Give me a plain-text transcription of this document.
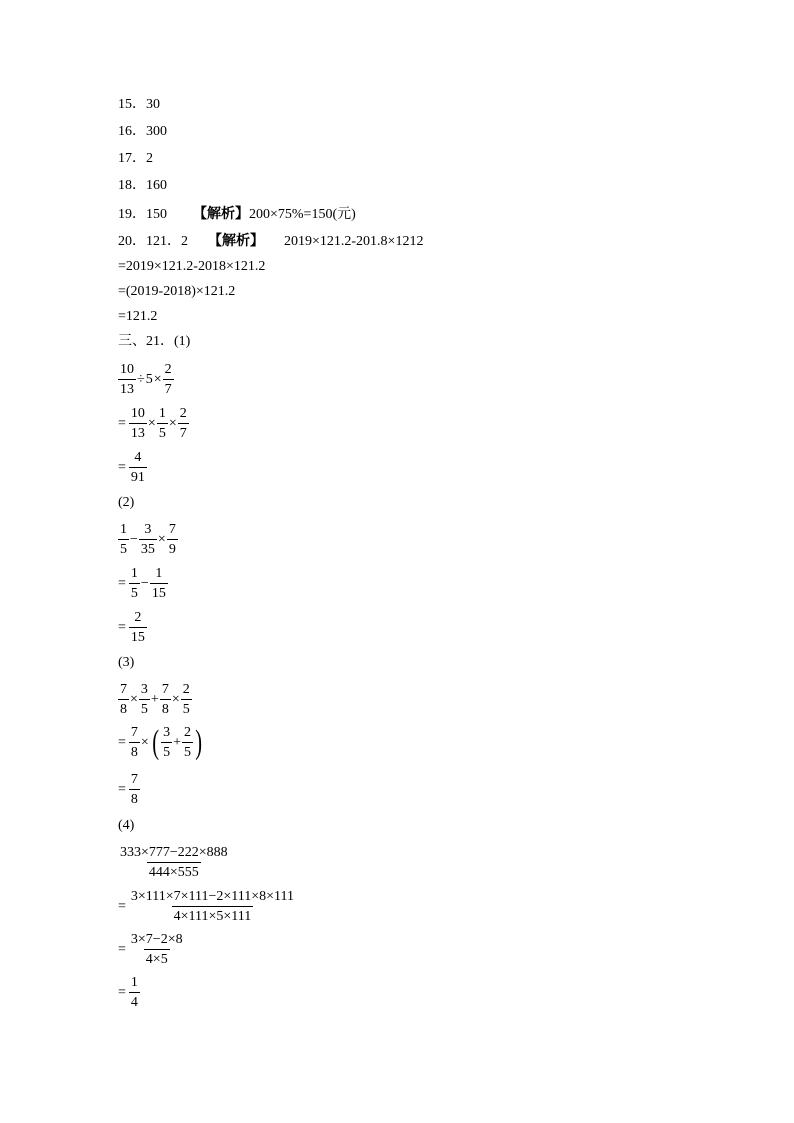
15．30
16．300
17．2
18．160
19．150 【解析】200×75%=150(元)
20．121．2 【解析】 2019×121.2-201.8×1212
=2019×121.2-2018×121.2
=(2019-2018)×121.2
=121.2
三、21．(1)
$\frac{10}{13} \div 5 \times \frac{2}{7}$
= $\frac{10}{13} \times \frac{1}{5} \times \frac{2}{7}$
= $\frac{4}{91}$
(2)
$\frac{1}{5} - \frac{3}{35} \times \frac{7}{9}$
= $\frac{1}{5} - \frac{1}{15}$
= $\frac{2}{15}$
(3)
$\frac{7}{8} \times \frac{3}{5} + \frac{7}{8} \times \frac{2}{5}$
= $\frac{7}{8}$ × ( $\frac{3}{5} + \frac{2}{5}$ )
= $\frac{7}{8}$
(4)
$\frac{333\times 777-222\times 888}{444\times 555}$
= $\frac{3\times 111\times 7\times 111-2\times 111\times 8\times 111}{4\times 111\times 5\times 111}$
= $\frac{3\times 7-2\times 8}{4\times 5}$
= $\frac{1}{4}$
